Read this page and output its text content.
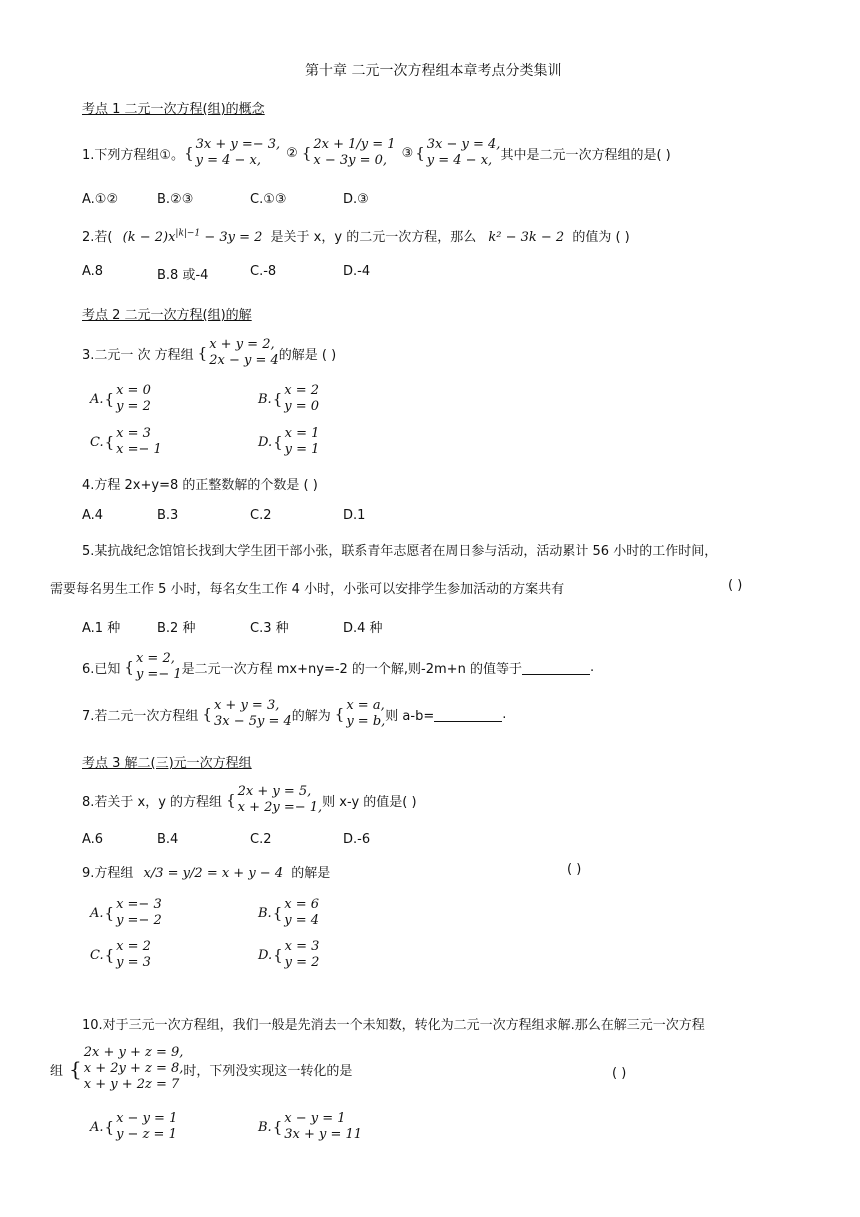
第十章 二元一次方程组本章考点分类集训
考点 1 二元一次方程(组)的概念
1.下列方程组①。 { 3x + y =− 3,
y = 4 − x,	② { 2x + 1/y = 1
x − 3y = 0,	③ { 3x − y = 4,
y = 4 − x, 其中是二元一次方程组的是( )
A.①②	B.②③	C.①③	D.③
2.若( $(k - 2)x^{|k|-1} - 3y = 2$ 是关于 x，y 的二元一次方程，那么 k² − 3k − 2 的值为 ( )
A.8	B.8 或-4	C.-8	D.-4
考点 2 二元一次方程(组)的解
3.二元一 次 方程组 { x + y = 2,
2x − y = 4 的解是 ( )
A. { x = 0
y = 2	B. { x = 2
y = 0
C. { x = 3
x =− 1	D. { x = 1
y = 1
4.方程 2x+y=8 的正整数解的个数是 ( )
A.4	B.3	C.2	D.1
5.某抗战纪念馆馆长找到大学生团干部小张，联系青年志愿者在周日参与活动，活动累计 56 小时的工作时间，
需要每名男生工作 5 小时，每名女生工作 4 小时，小张可以安排学生参加活动的方案共有	( )
A.1 种	B.2 种	C.3 种	D.4 种
6.已知 { x = 2,
y =− 1 是二元一次方程 mx+ny=-2 的一个解,则-2m+n 的值等于	.
7.若二元一次方程组 { x + y = 3,
3x − 5y = 4 的解为 { x = a,
y = b, 则 a-b=	.
考点 3 解二(三)元一次方程组
8.若关于 x，y 的方程组 { 2x + y = 5,
x + 2y =− 1, 则 x-y 的值是( )
A.6	B.4	C.2	D.-6
9.方程组 x/3 = y/2 = x + y − 4 的解是	( )
A. { x =− 3
y =− 2	B. { x = 6
y = 4
C. { x = 2
y = 3	D. { x = 3
y = 2
10.对于三元一次方程组，我们一般是先消去一个未知数，转化为二元一次方程组求解.那么在解三元一次方程
组 {
2x + y + z = 9,
x + 2y + z = 8,
x + y + 2z = 7
时，下列没实现这一转化的是	( )
A. { x − y = 1
y − z = 1	B. { x − y = 1
3x + y = 11
